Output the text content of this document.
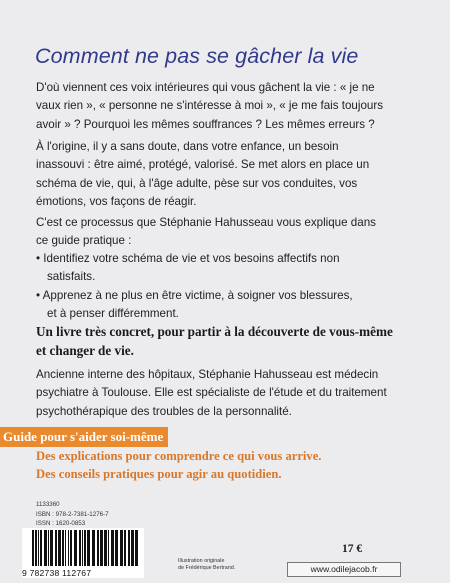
Comment ne pas se gâcher la vie
D'où viennent ces voix intérieures qui vous gâchent la vie : « je ne
vaux rien », « personne ne s'intéresse à moi », « je me fais toujours
avoir » ? Pourquoi les mêmes souffrances ? Les mêmes erreurs ?
À l'origine, il y a sans doute, dans votre enfance, un besoin
inassouvi : être aimé, protégé, valorisé. Se met alors en place un
schéma de vie, qui, à l'âge adulte, pèse sur vos conduites, vos
émotions, vos façons de réagir.
C'est ce processus que Stéphanie Hahusseau vous explique dans
ce guide pratique :
• Identifiez votre schéma de vie et vos besoins affectifs non
satisfaits.
• Apprenez à ne plus en être victime, à soigner vos blessures,
et à penser différemment.
Un livre très concret, pour partir à la découverte de vous-même
et changer de vie.
Ancienne interne des hôpitaux, Stéphanie Hahusseau est médecin
psychiatre à Toulouse. Elle est spécialiste de l'étude et du traitement
psychothérapique des troubles de la personnalité.
Guide pour s'aider soi-même
Des explications pour comprendre ce qui vous arrive.
Des conseils pratiques pour agir au quotidien.
1133360
ISBN : 978-2-7381-1276-7
ISSN : 1620-0853
9 782738 112767
Illustration originale
de Frédérique Bertrand.
17 €
www.odilejacob.fr
